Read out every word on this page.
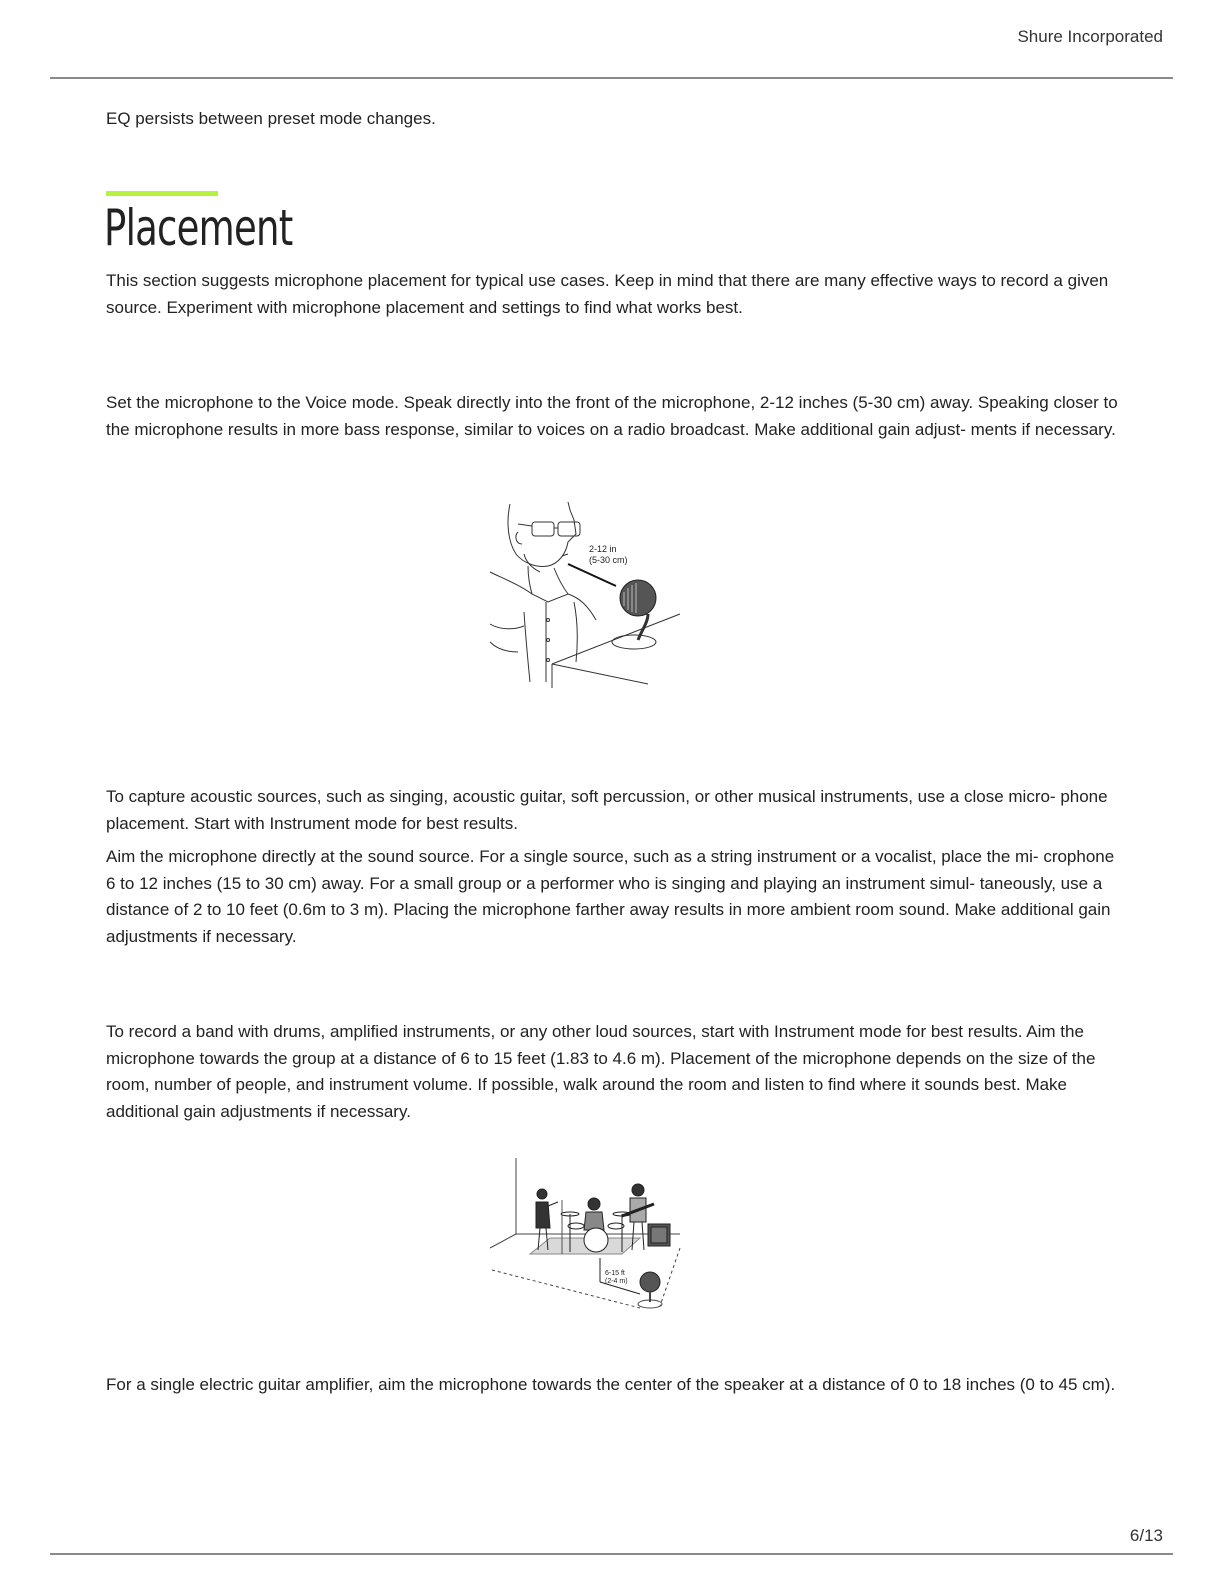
Shure Incorporated

EQ persists between preset mode changes.

Placement

This section suggests microphone placement for typical use cases. Keep in mind that there are many effective ways to record a given source. Experiment with microphone placement and settings to find what works best.

Set the microphone to the Voice mode. Speak directly into the front of the microphone, 2-12 inches (5-30 cm) away. Speaking closer to the microphone results in more bass response, similar to voices on a radio broadcast. Make additional gain adjust- ments if necessary.

2-12 in
(5-30 cm)

To capture acoustic sources, such as singing, acoustic guitar, soft percussion, or other musical instruments, use a close micro- phone placement. Start with Instrument mode for best results.

Aim the microphone directly at the sound source. For a single source, such as a string instrument or a vocalist, place the mi- crophone 6 to 12 inches (15 to 30 cm) away. For a small group or a performer who is singing and playing an instrument simul- taneously, use a distance of 2 to 10 feet (0.6m to 3 m). Placing the microphone farther away results in more ambient room sound. Make additional gain adjustments if necessary.

To record a band with drums, amplified instruments, or any other loud sources, start with Instrument mode for best results. Aim the microphone towards the group at a distance of 6 to 15 feet (1.83 to 4.6 m). Placement of the microphone depends on the size of the room, number of people, and instrument volume. If possible, walk around the room and listen to find where it sounds best. Make additional gain adjustments if necessary.

6-15 ft
(2-4 m)

For a single electric guitar amplifier, aim the microphone towards the center of the speaker at a distance of 0 to 18 inches (0 to 45 cm).

6/13
